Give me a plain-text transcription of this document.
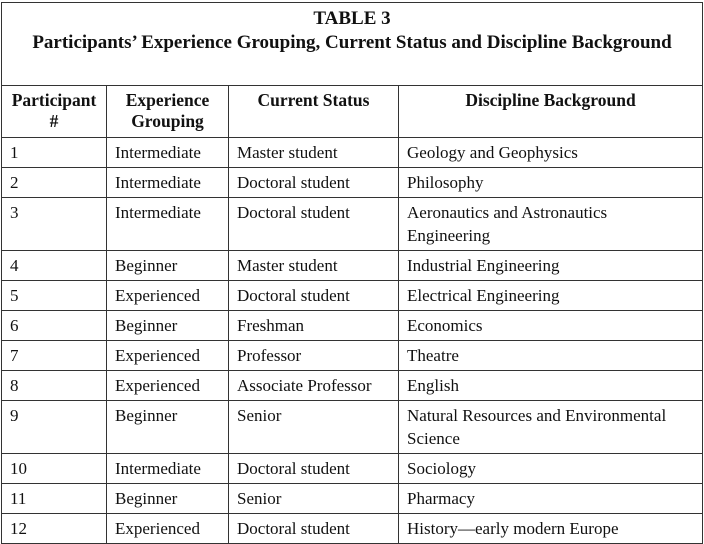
TABLE 3
Participants’ Experience Grouping, Current Status and Discipline Background			

Participant #	Experience Grouping	Current Status	Discipline Background
1	Intermediate	Master student	Geology and Geophysics
2	Intermediate	Doctoral student	Philosophy
3	Intermediate	Doctoral student	Aeronautics and Astronautics Engineering
4	Beginner	Master student	Industrial Engineering
5	Experienced	Doctoral student	Electrical Engineering
6	Beginner	Freshman	Economics
7	Experienced	Professor	Theatre
8	Experienced	Associate Professor	English
9	Beginner	Senior	Natural Resources and Environmental Science
10	Intermediate	Doctoral student	Sociology
11	Beginner	Senior	Pharmacy
12	Experienced	Doctoral student	History—early modern Europe
